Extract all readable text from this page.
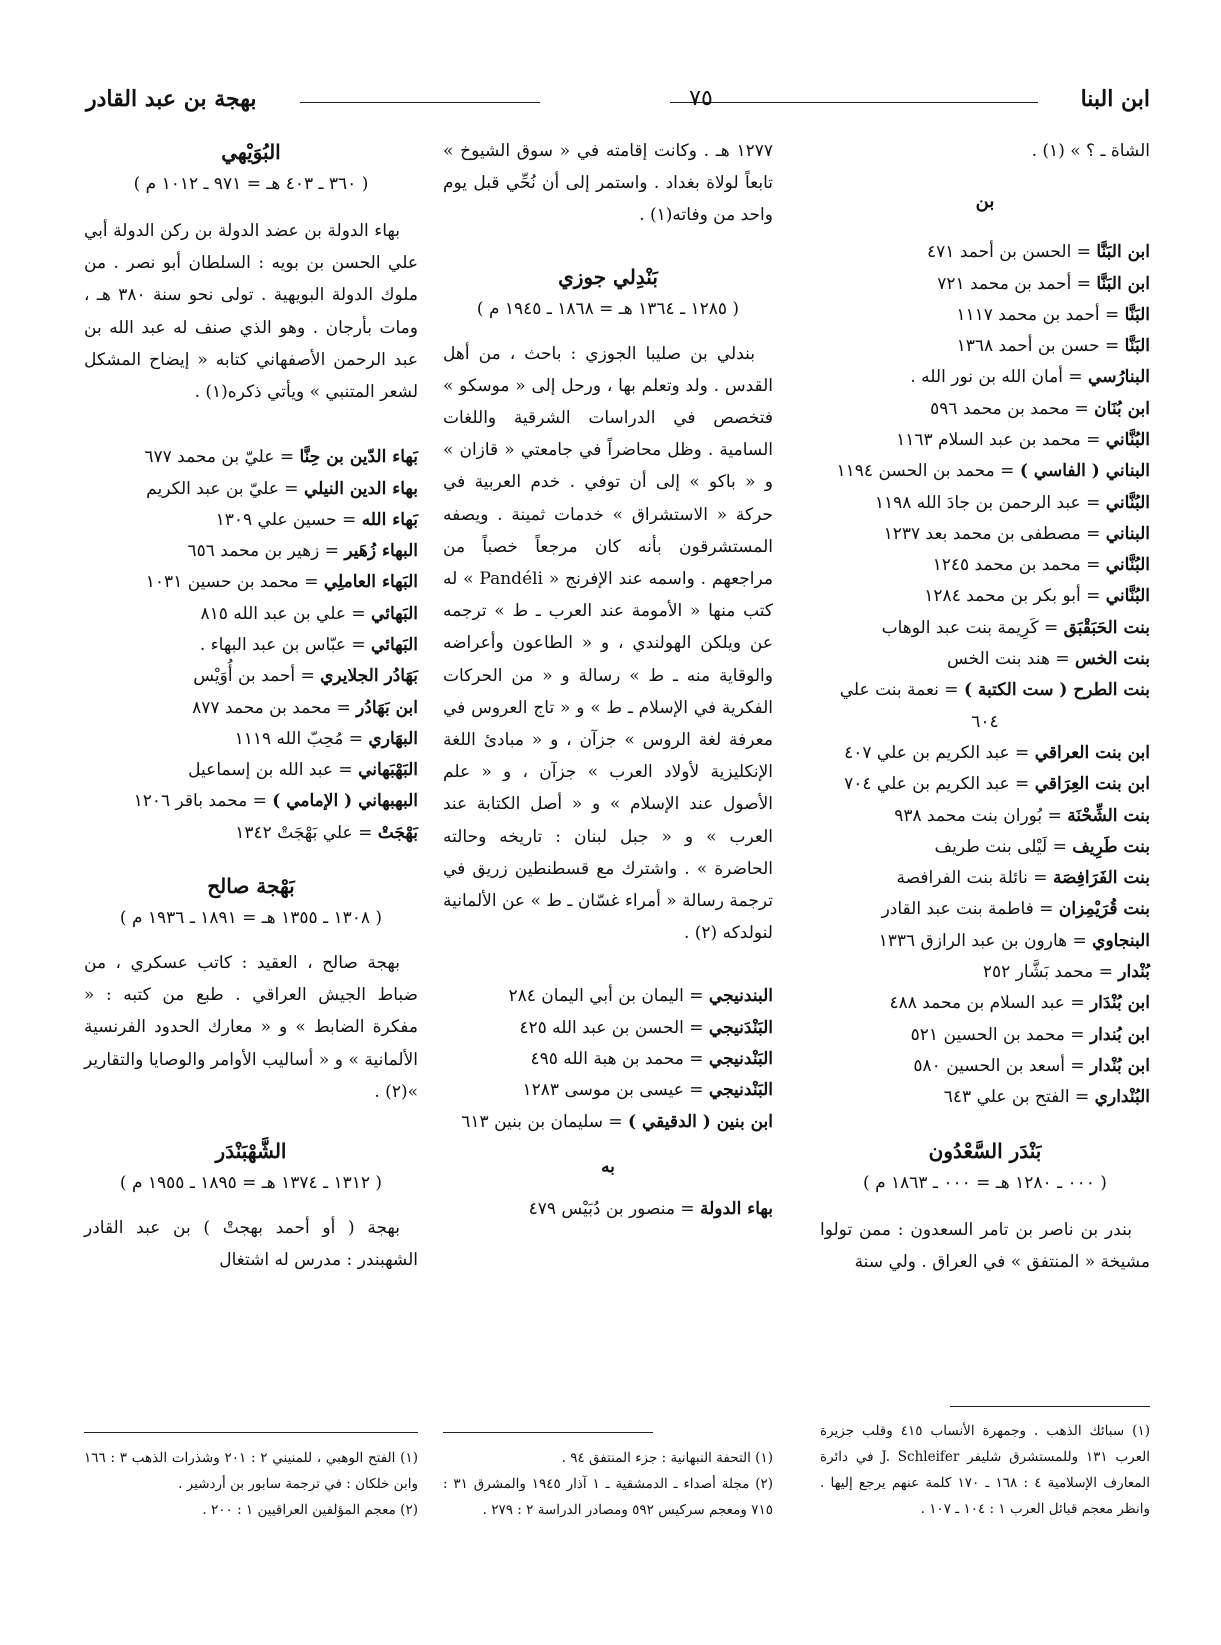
ابن البنا
٧٥
بهجة بن عبد القادر

الشاة ـ ؟ » (١) .

بن

ابن البَنَّا = الحسن بن أحمد ٤٧١

ابن البَنَّا = أحمد بن محمد ٧٢١

البَنَّا = أحمد بن محمد ١١١٧

البَنَّا = حسن بن أحمد ١٣٦٨

البنارُسي = أمان الله بن نور الله .

ابن بُنَان = محمد بن محمد ٥٩٦

البُنَّاني = محمد بن عبد السلام ١١٦٣

البناني ( الفاسي ) = محمد بن الحسن ١١٩٤

البُنَّاني = عبد الرحمن بن جادَ الله ١١٩٨

البناني = مصطفى بن محمد بعد ١٢٣٧

البُنَّاني = محمد بن محمد ١٢٤٥

البُنَّاني = أبو بكر بن محمد ١٢٨٤

بنت الحَبَقْبَق = كَرِيمة بنت عبد الوهاب

بنت الخس = هند بنت الخس

بنت الطرح ( ست الكتبة ) = نعمة بنت علي

٦٠٤

ابن بنت العراقي = عبد الكريم بن علي ٤٠٧

ابن بنت العِرَاقي = عبد الكريم بن علي ٧٠٤

بنت الشِّحْنَة = بُوران بنت محمد ٩٣٨

بنت طَرِيف = لَيْلى بنت طريف

بنت الفَرَافِصَة = نائلة بنت الفرافصة

بنت قُرَيْمِزان = فاطمة بنت عبد القادر

البنجاوي = هارون بن عبد الرازق ١٣٣٦

بُنْدار = محمد بَشَّار ٢٥٢

ابن بُنْدَار = عبد السلام بن محمد ٤٨٨

ابن بُندار = محمد بن الحسين ٥٢١

ابن بُنْدار = أسعد بن الحسين ٥٨٠

البُنْداري = الفتح بن علي ٦٤٣

بَنْدَر السَّعْدُون

( ٠٠٠ ـ ١٢٨٠ هـ = ٠٠٠ ـ ١٨٦٣ م )

بندر بن ناصر بن تامر السعدون : ممن تولوا مشيخة « المنتفق » في العراق . ولي سنة

(١) سبائك الذهب . وجمهرة الأنساب ٤١٥ وقلب جزيرة العرب ١٣١ وللمستشرق شليفر J. Schleifer في دائرة المعارف الإسلامية ٤ : ١٦٨ ـ ١٧٠ كلمة عنهم يرجع إليها . وانظر معجم قبائل العرب ١ : ١٠٤ ـ ١٠٧ .

١٢٧٧ هـ . وكانت إقامته في « سوق الشيوخ » تابعاً لولاة بغداد . واستمر إلى أن نُحِّي قبل يوم واحد من وفاته(١) .

بَنْدِلي جوزي

( ١٢٨٥ ـ ١٣٦٤ هـ = ١٨٦٨ ـ ١٩٤٥ م )

بندلي بن صليبا الجوزي : باحث ، من أهل القدس . ولد وتعلم بها ، ورحل إلى « موسكو » فتخصص في الدراسات الشرقية واللغات السامية . وظل محاضراً في جامعتي « قازان » و « باكو » إلى أن توفي . خدم العربية في حركة « الاستشراق » خدمات ثمينة . ويصفه المستشرقون بأنه كان مرجعاً خصباً من مراجعهم . واسمه عند الإفرنج « Pandéli » له كتب منها « الأمومة عند العرب ـ ط » ترجمه عن ويلكن الهولندي ، و « الطاعون وأعراضه والوقاية منه ـ ط » رسالة و « من الحركات الفكرية في الإسلام ـ ط » و « تاج العروس في معرفة لغة الروس » جزآن ، و « مبادئ اللغة الإنكليزية لأولاد العرب » جزآن ، و « علم الأصول عند الإسلام » و « أصل الكتابة عند العرب » و « جبل لبنان : تاريخه وحالته الحاضرة » . واشترك مع قسطنطين زريق في ترجمة رسالة « أمراء غسّان ـ ط » عن الألمانية لنولدكه (٢) .

البندنيجي = اليمان بن أبي اليمان ٢٨٤

البَنْدَنيجي = الحسن بن عبد الله ٤٢٥

البَنْدنيجي = محمد بن هبة الله ٤٩٥

البَنْدنيجي = عيسى بن موسى ١٢٨٣

ابن بنين ( الدقيقي ) = سليمان بن بنين ٦١٣

به

بهاء الدولة = منصور بن دُبَيْس ٤٧٩

(١) التحفة النبهانية : جزء المنتفق ٩٤ .

(٢) مجلة أصداء ـ الدمشقية ـ ١ آذار ١٩٤٥ والمشرق ٣١ : ٧١٥ ومعجم سركيس ٥٩٢ ومصادر الدراسة ٢ : ٢٧٩ .

البُوَيْهي

( ٣٦٠ ـ ٤٠٣ هـ = ٩٧١ ـ ١٠١٢ م )

بهاء الدولة بن عضد الدولة بن ركن الدولة أبي علي الحسن بن بويه : السلطان أبو نصر . من ملوك الدولة البويهية . تولى نحو سنة ٣٨٠ هـ ، ومات بأرجان . وهو الذي صنف له عبد الله بن عبد الرحمن الأصفهاني كتابه « إيضاح المشكل لشعر المتنبي » ويأتي ذكره(١) .

بَهاء الدّين بن حِنَّا = عليّ بن محمد ٦٧٧

بهاء الدين النيلي = عليّ بن عبد الكريم

بَهاء الله = حسين علي ١٣٠٩

البهاء زُهَير = زهير بن محمد ٦٥٦

البَهاء العاملِي = محمد بن حسين ١٠٣١

البَهائي = علي بن عبد الله ٨١٥

البَهائي = عبّاس بن عبد البهاء .

بَهَادُر الجلايري = أحمد بن أُوَيْس

ابن بَهَادُر = محمد بن محمد ٨٧٧

البهَاري = مُحِبّ الله ١١١٩

البَهْبَهاني = عبد الله بن إسماعيل

البهبهاني ( الإمامي ) = محمد باقر ١٢٠٦

بَهْجَتْ = علي بَهْجَتْ ١٣٤٢

بَهْجة صالح

( ١٣٠٨ ـ ١٣٥٥ هـ = ١٨٩١ ـ ١٩٣٦ م )

بهجة صالح ، العقيد : كاتب عسكري ، من ضباط الجيش العراقي . طبع من كتبه : « مفكرة الضابط » و « معارك الحدود الفرنسية الألمانية » و « أساليب الأوامر والوصايا والتقارير »(٢) .

الشَّهْبَنْدَر

( ١٣١٢ ـ ١٣٧٤ هـ = ١٨٩٥ ـ ١٩٥٥ م )

بهجة ( أو أحمد بهجتْ ) بن عبد القادر الشهبندر : مدرس له اشتغال

(١) الفتح الوهبي ، للمنيني ٢ : ٢٠١ وشذرات الذهب ٣ : ١٦٦ وابن خلكان : في ترجمة سابور بن أردشير .

(٢) معجم المؤلفين العراقيين ١ : ٢٠٠ .
